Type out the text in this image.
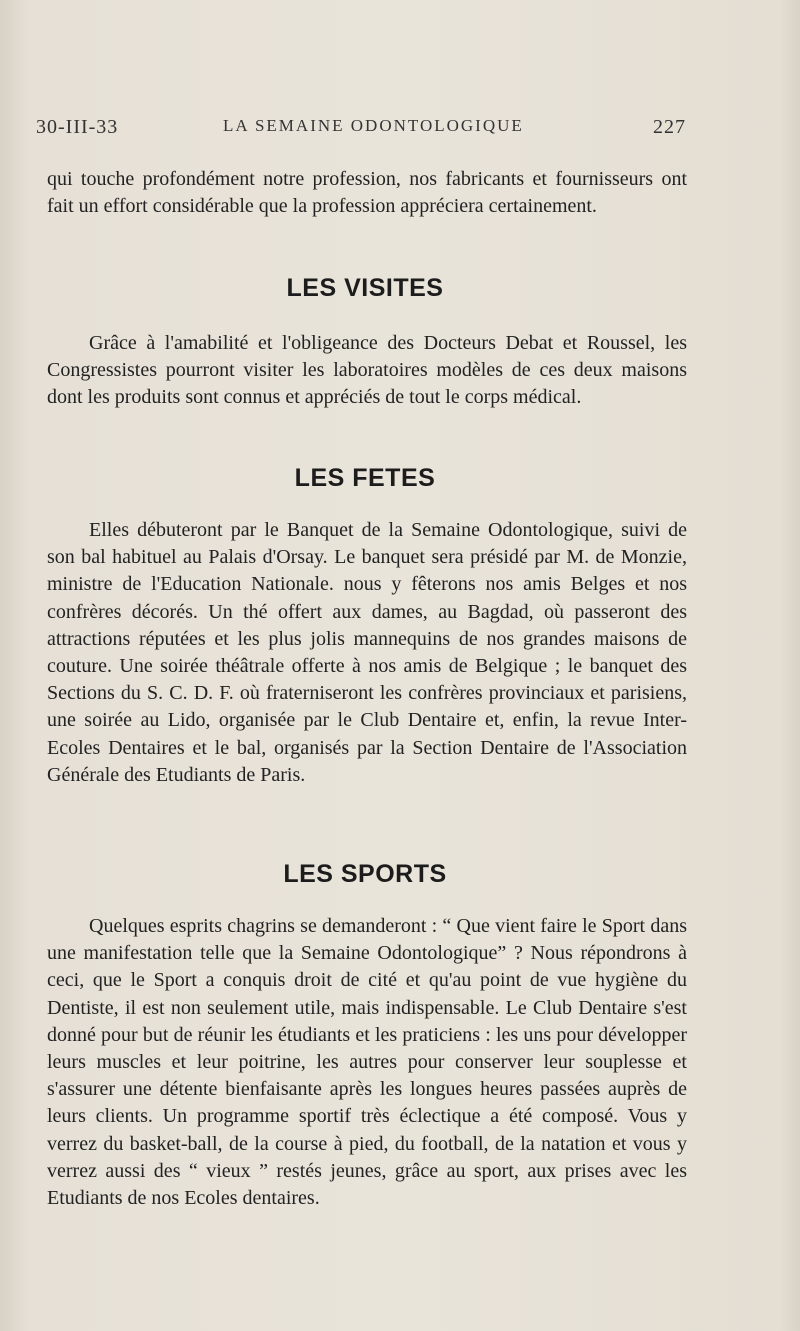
30-III-33	LA SEMAINE ODONTOLOGIQUE	227

qui touche profondément notre profession, nos fabricants et fournisseurs ont fait un effort considérable que la profession appréciera certainement.

LES VISITES

Grâce à l'amabilité et l'obligeance des Docteurs Debat et Roussel, les Congressistes pourront visiter les laboratoires modèles de ces deux maisons dont les produits sont connus et appréciés de tout le corps médical.

LES FETES

Elles débuteront par le Banquet de la Semaine Odontologique, suivi de son bal habituel au Palais d'Orsay. Le banquet sera présidé par M. de Monzie, ministre de l'Education Nationale. nous y fêterons nos amis Belges et nos confrères décorés. Un thé offert aux dames, au Bagdad, où passeront des attractions réputées et les plus jolis mannequins de nos grandes maisons de couture. Une soirée théâtrale offerte à nos amis de Belgique ; le banquet des Sections du S. C. D. F. où fraterniseront les confrères provinciaux et parisiens, une soirée au Lido, organisée par le Club Dentaire et, enfin, la revue Inter-Ecoles Dentaires et le bal, organisés par la Section Dentaire de l'Association Générale des Etudiants de Paris.

LES SPORTS

Quelques esprits chagrins se demanderont : “ Que vient faire le Sport dans une manifestation telle que la Semaine Odontologique” ? Nous répondrons à ceci, que le Sport a conquis droit de cité et qu'au point de vue hygiène du Dentiste, il est non seulement utile, mais indispensable. Le Club Dentaire s'est donné pour but de réunir les étudiants et les praticiens : les uns pour développer leurs muscles et leur poitrine, les autres pour conserver leur souplesse et s'assurer une détente bienfaisante après les longues heures passées auprès de leurs clients. Un programme sportif très éclectique a été composé. Vous y verrez du basket-ball, de la course à pied, du football, de la natation et vous y verrez aussi des “ vieux ” restés jeunes, grâce au sport, aux prises avec les Etudiants de nos Ecoles dentaires.
